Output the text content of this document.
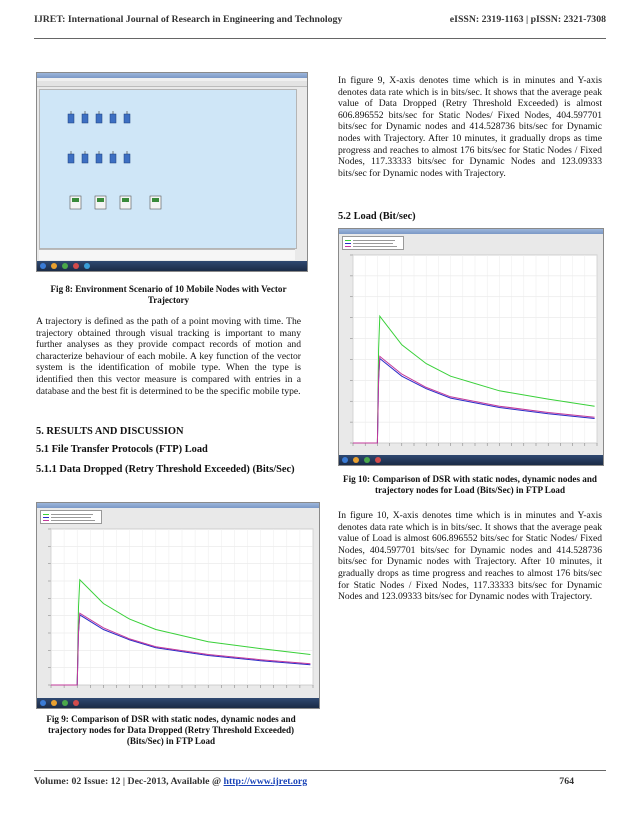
IJRET: International Journal of Research in Engineering and Technology	eISSN: 2319-1163 | pISSN: 2321-7308

Fig 8: Environment Scenario of 10 Mobile Nodes with Vector Trajectory

A trajectory is defined as the path of a point moving with time. The trajectory obtained through visual tracking is important to many further analyses as they provide compact records of motion and characterize behaviour of each mobile. A key function of the vector system is the identification of mobile type. When the type is identified then this vector measure is compared with entries in a database and the best fit is determined to be the specific mobile type.

5. RESULTS AND DISCUSSION

5.1 File Transfer Protocols (FTP) Load

5.1.1 Data Dropped (Retry Threshold Exceeded) (Bits/Sec)

Fig 9: Comparison of DSR with static nodes, dynamic nodes and trajectory nodes for Data Dropped (Retry Threshold Exceeded)(Bits/Sec) in FTP Load

In figure 9, X-axis denotes time which is in minutes and Y-axis denotes data rate which is in bits/sec. It shows that the average peak value of Data Dropped (Retry Threshold Exceeded) is almost 606.896552 bits/sec for Static Nodes/ Fixed Nodes, 404.597701 bits/sec for Dynamic nodes and 414.528736 bits/sec for Dynamic nodes with Trajectory. After 10 minutes, it gradually drops as time progress and reaches to almost 176 bits/sec for Static Nodes / Fixed Nodes, 117.33333 bits/sec for Dynamic Nodes and 123.09333 bits/sec for Dynamic nodes with Trajectory.

5.2 Load (Bit/sec)

Fig 10: Comparison of DSR with static nodes, dynamic nodes and trajectory nodes for Load (Bits/Sec) in FTP Load

In figure 10, X-axis denotes time which is in minutes and Y-axis denotes data rate which is in bits/sec. It shows that the average peak value of Load is almost 606.896552 bits/sec for Static Nodes/ Fixed Nodes, 404.597701 bits/sec for Dynamic nodes and 414.528736 bits/sec for Dynamic nodes with Trajectory. After 10 minutes, it gradually drops as time progress and reaches to almost 176 bits/sec for Static Nodes / Fixed Nodes, 117.33333 bits/sec for Dynamic Nodes and 123.09333 bits/sec for Dynamic nodes with Trajectory.

Volume: 02 Issue: 12 | Dec-2013, Available @ http://www.ijret.org	764
